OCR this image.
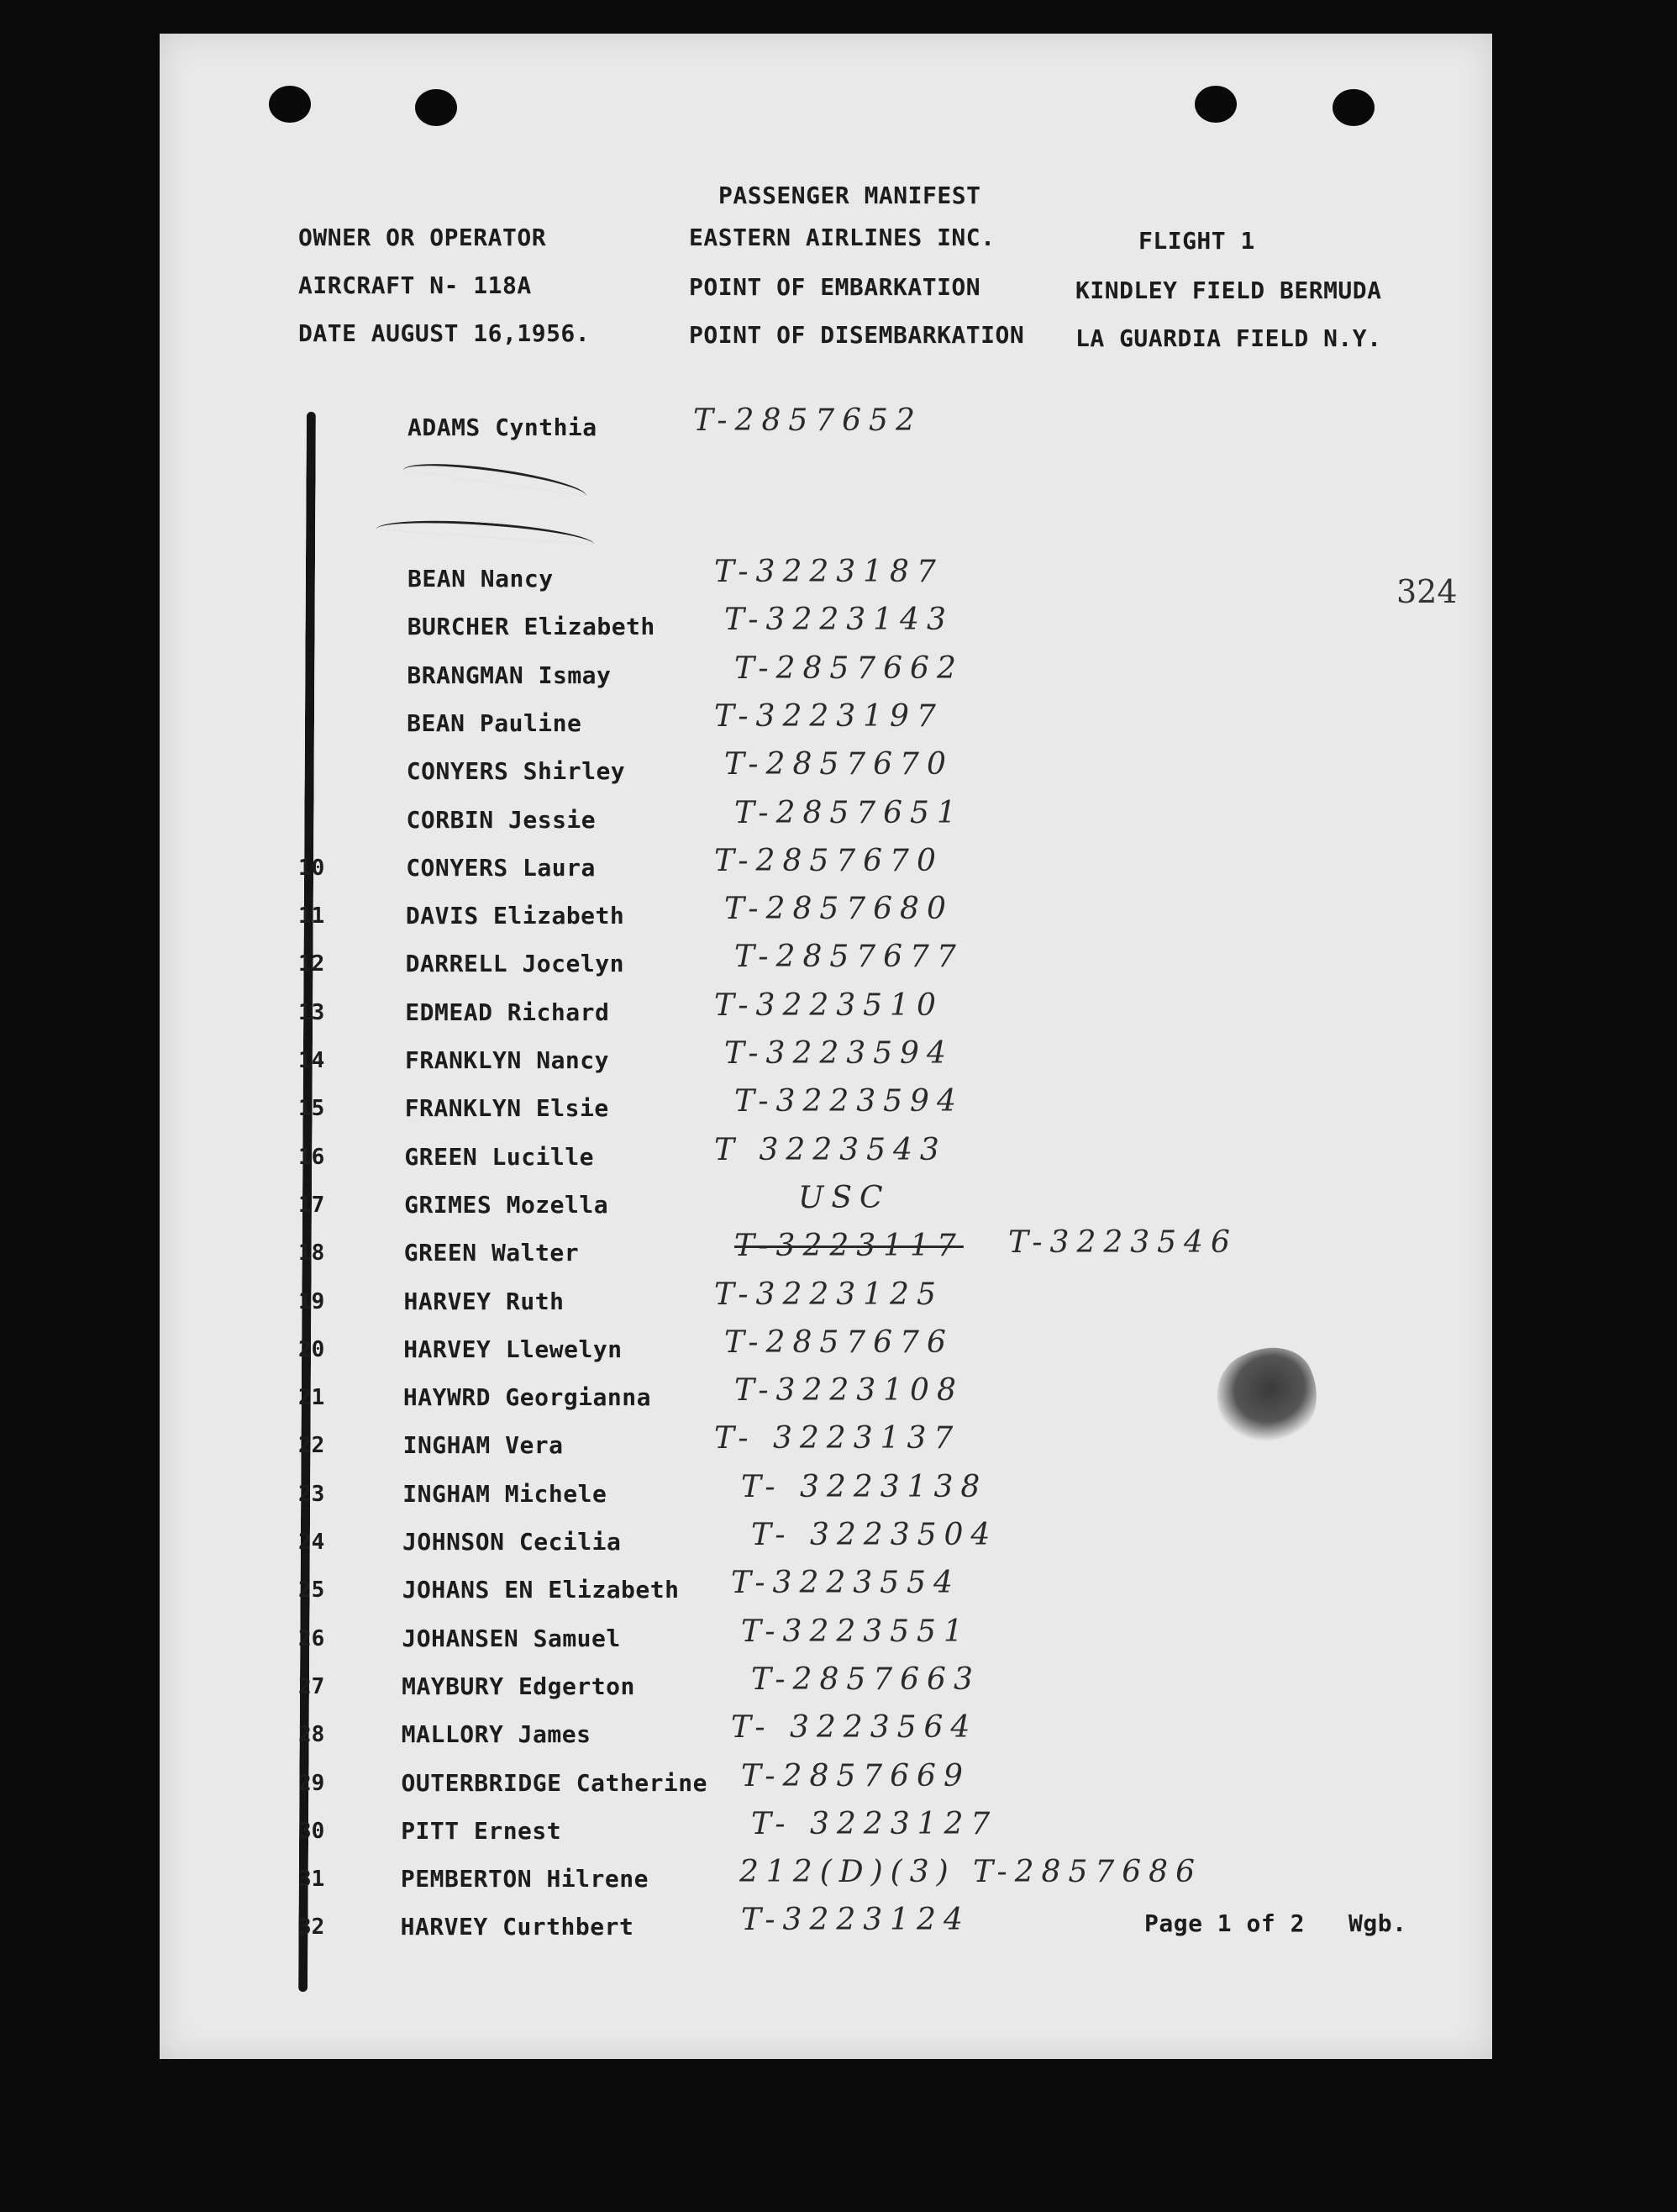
PASSENGER MANIFEST
OWNER OR OPERATOR	EASTERN AIRLINES INC.	FLIGHT 1
AIRCRAFT N- 118A	POINT OF EMBARKATION	KINDLEY FIELD BERMUDA
DATE AUGUST 16,1956.	POINT OF DISEMBARKATION LA GUARDIA FIELD N.Y.
324
ADAMS Cynthia	T-2857652
BEAN Nancy	T-3223187
BURCHER Elizabeth T-3223143
BRANGMAN Ismay	T-2857662
BEAN Pauline	T-3223197
CONYERS Shirley	T-2857670
CORBIN Jessie	T-2857651
10	CONYERS Laura	T-2857670
11	DAVIS Elizabeth	T-2857680
12	DARRELL Jocelyn	T-2857677
13	EDMEAD Richard	T-3223510
14	FRANKLYN Nancy	T-3223594
15	FRANKLYN Elsie	T-3223594
16	GREEN Lucille	T 3223543
17	GRIMES Mozella	USC
18	GREEN Walter	T-3223117 T-3223546
19	HARVEY Ruth	T-3223125
20	HARVEY Llewelyn	T-2857676
21	HAYWRD Georgianna	T-3223108
22	INGHAM Vera	T- 3223137
23	INGHAM Michele	T- 3223138
24	JOHNSON Cecilia	T- 3223504
25	JOHANS EN Elizabeth T-3223554
26	JOHANSEN Samuel	T-3223551
27	MAYBURY Edgerton	T-2857663
28	MALLORY James	T- 3223564
29	OUTERBRIDGE Catherine T-2857669
30	PITT Ernest	T- 3223127
31	PEMBERTON Hilrene	212(D)(3) T-2857686
32	HARVEY Curthbert	T-3223124	Page 1 of 2   Wgb.
